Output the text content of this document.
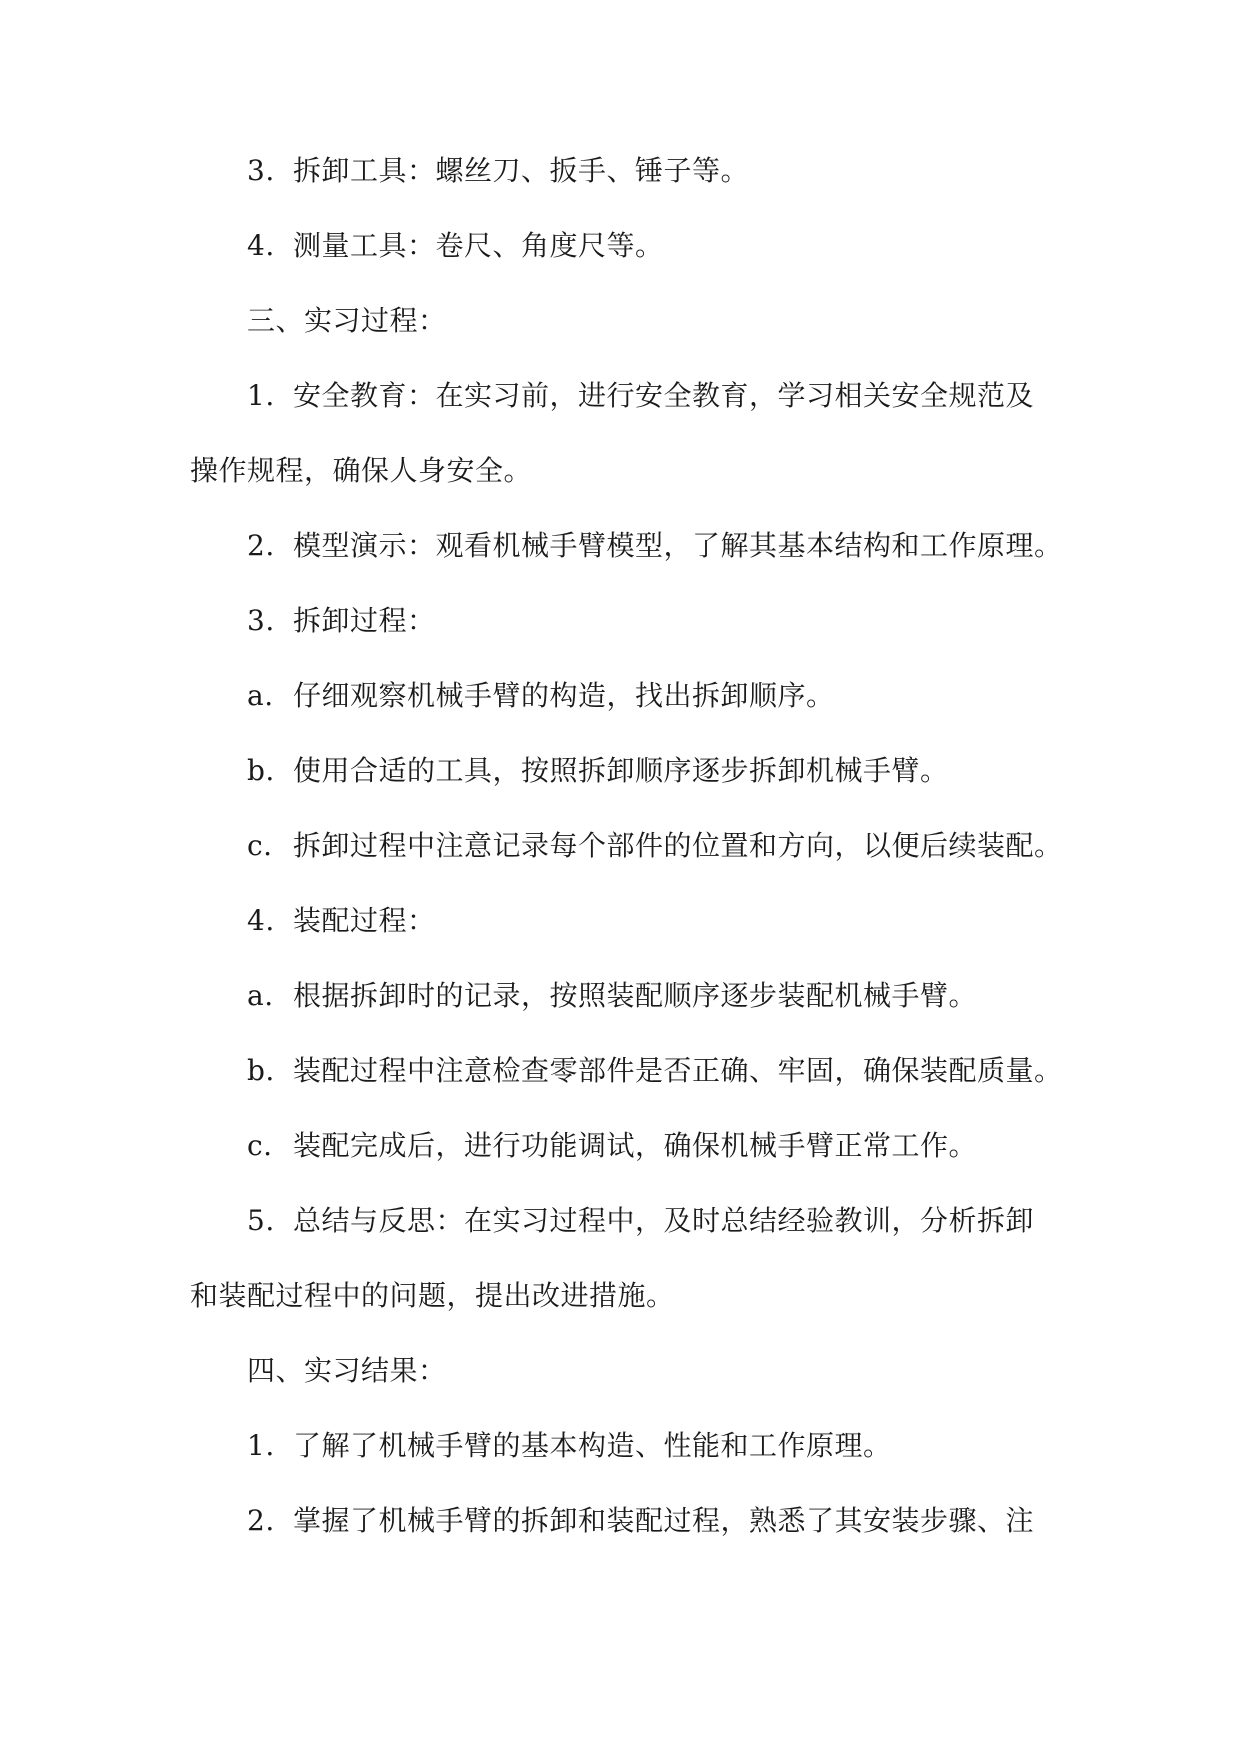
3. 拆卸工具：螺丝刀、扳手、锤子等。
4. 测量工具：卷尺、角度尺等。
三、实习过程：
1. 安全教育：在实习前，进行安全教育，学习相关安全规范及
操作规程，确保人身安全。
2. 模型演示：观看机械手臂模型，了解其基本结构和工作原理。
3. 拆卸过程：
a. 仔细观察机械手臂的构造，找出拆卸顺序。
b. 使用合适的工具，按照拆卸顺序逐步拆卸机械手臂。
c. 拆卸过程中注意记录每个部件的位置和方向，以便后续装配。
4. 装配过程：
a. 根据拆卸时的记录，按照装配顺序逐步装配机械手臂。
b. 装配过程中注意检查零部件是否正确、牢固，确保装配质量。
c. 装配完成后，进行功能调试，确保机械手臂正常工作。
5. 总结与反思：在实习过程中，及时总结经验教训，分析拆卸
和装配过程中的问题，提出改进措施。
四、实习结果：
1. 了解了机械手臂的基本构造、性能和工作原理。
2. 掌握了机械手臂的拆卸和装配过程，熟悉了其安装步骤、注
